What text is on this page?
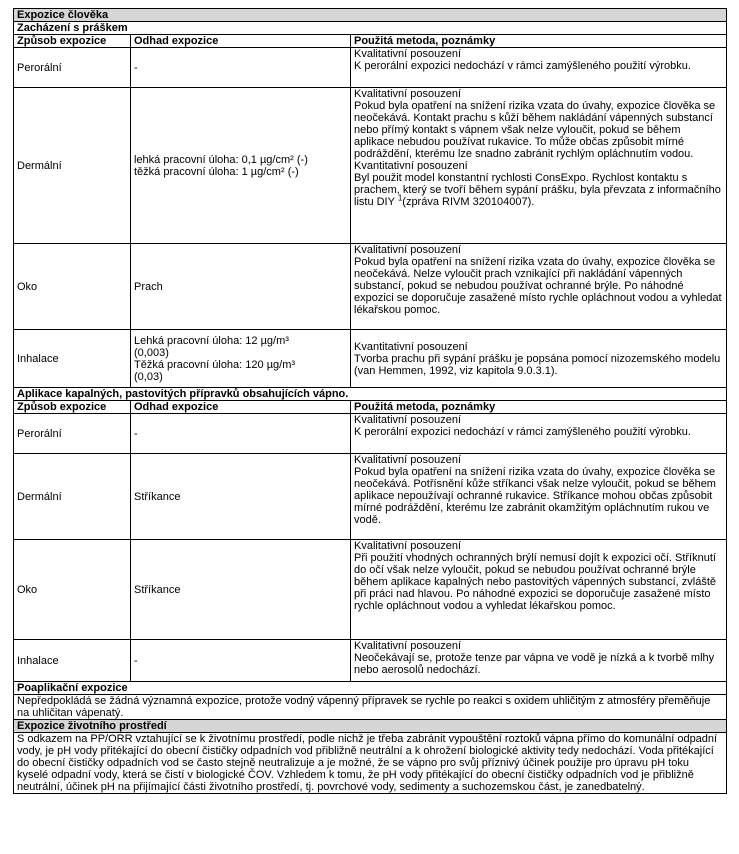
Expozice člověka		
Zacházení s práškem		
Způsob expozice	Odhad expozice	Použitá metoda, poznámky
Perorální	-	Kvalitativní posouzení
K perorální expozici nedochází v rámci zamýšleného použití výrobku.

Dermální	lehká pracovní úloha: 0,1 µg/cm² (-)
těžká pracovní úloha: 1 µg/cm² (-)	Kvalitativní posouzení
Pokud byla opatření na snížení rizika vzata do úvahy, expozice člověka se neočekává. Kontakt prachu s kůží během nakládání vápenných substancí nebo přímý kontakt s vápnem však nelze vyloučit, pokud se během aplikace nebudou používat rukavice. To může občas způsobit mírné podráždění, kterému lze snadno zabránit rychlým opláchnutím vodou.
Kvantitativní posouzení
Byl použit model konstantní rychlosti ConsExpo. Rychlost kontaktu s prachem, který se tvoří během sypání prášku, byla převzata z informačního listu DIY $^1$(zpráva RIVM 320104007).

Oko	Prach	Kvalitativní posouzení
Pokud byla opatření na snížení rizika vzata do úvahy, expozice člověka se neočekává. Nelze vyloučit prach vznikající při nakládání vápenných substancí, pokud se nebudou používat ochranné brýle. Po náhodné expozici se doporučuje zasažené místo rychle opláchnout vodou a vyhledat lékařskou pomoc.

Inhalace	Lehká pracovní úloha: 12 µg/m³
(0,003)
Těžká pracovní úloha: 120 µg/m³
(0,03)	Kvantitativní posouzení
Tvorba prachu při sypání prášku je popsána pomocí nizozemského modelu (van Hemmen, 1992, viz kapitola 9.0.3.1).

Aplikace kapalných, pastovitých přípravků obsahujících vápno.		
Způsob expozice	Odhad expozice	Použitá metoda, poznámky
Perorální	-	Kvalitativní posouzení
K perorální expozici nedochází v rámci zamýšleného použití výrobku.

Dermální	Stříkance	Kvalitativní posouzení
Pokud byla opatření na snížení rizika vzata do úvahy, expozice člověka se neočekává. Potřísnění kůže stříkanci však nelze vyloučit, pokud se během aplikace nepoužívají ochranné rukavice. Stříkance mohou občas způsobit mírné podráždění, kterému lze zabránit okamžitým opláchnutím rukou ve vodě.

Oko	Stříkance	Kvalitativní posouzení
Při použití vhodných ochranných brýlí nemusí dojít k expozici očí. Stříknutí do očí však nelze vyloučit, pokud se nebudou používat ochranné brýle během aplikace kapalných nebo pastovitých vápenných substancí, zvláště při práci nad hlavou. Po náhodné expozici se doporučuje zasažené místo rychle opláchnout vodou a vyhledat lékařskou pomoc.

Inhalace	-	Kvalitativní posouzení
Neočekávají se, protože tenze par vápna ve vodě je nízká a k tvorbě mlhy nebo aerosolů nedochází.

Poaplikační expozice		

Nepředpokládá se žádná významná expozice, protože vodný vápenný přípravek se rychle po reakci s oxidem uhličitým z atmosféry přeměňuje na uhličitan vápenatý.		

Expozice životního prostředí		

S odkazem na PP/ORR vztahující se k životnímu prostředí, podle nichž je třeba zabránit vypouštění roztoků vápna přímo do komunální odpadní vody, je pH vody přitékající do obecní čističky odpadních vod přibližně neutrální a k ohrožení biologické aktivity tedy nedochází. Voda přitékající do obecní čističky odpadních vod se často stejně neutralizuje a je možné, že se vápno pro svůj příznivý účinek použije pro úpravu pH toku kyselé odpadní vody, která se čistí v biologické ČOV. Vzhledem k tomu, že pH vody přitékající do obecní čističky odpadních vod je přibližně neutrální, účinek pH na přijímající části životního prostředí, tj. povrchové vody, sedimenty a suchozemskou část, je zanedbatelný.		
